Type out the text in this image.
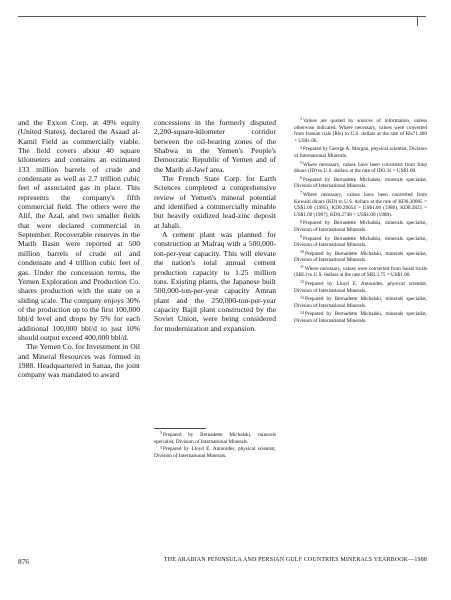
and the Exxon Corp. at 49% equity (United States), declared the Asaad al-Kamil Field as commercially viable. The field covers about 40 square kilometers and contains an estimated 133 million barrels of crude and condensate as well as 2.7 trillion cubic feet of associated gas in place. This represents the company's fifth commercial field. The others were the Alif, the Azal, and two smaller fields that were declared commercial in September. Recoverable reserves in the Marib Basin were reported at 500 million barrels of crude oil and condensate and 4 trillion cubic feet of gas. Under the concession terms, the Yemen Exploration and Production Co. shares production with the state on a sliding scale. The company enjoys 30% of the production up to the first 100,000 bbl/d level and drops by 5% for each additional 100,000 bbl/d to just 10% should output exceed 400,000 bbl/d.

The Yemen Co. for Investment in Oil and Mineral Resources was formed in 1988. Headquartered in Sanaa, the joint company was mandated to award

concessions in the formerly disputed 2,200-square-kilometer corridor between the oil-bearing zones of the Shabwa in the Yemen's People's Democratic Republic of Yemen and of the Marib al-Jawf area.

The French State Corp. for Earth Sciences completed a comprehensive review of Yemen's mineral potential and identified a commercially minable but heavily oxidized lead-zinc deposit at Jabali.

A cement plant was planned for construction at Mafraq with a 500,000-ton-per-year capacity. This will elevate the nation's total annual cement production capacity to 1.25 million tons. Existing plants, the Japanese built 500,000-ton-per-year capacity Amran plant and the 250,000-ton-per-year capacity Bajil plant constructed by the Soviet Union, were being considered for modernization and expansion.

$^5$Prepared by Bernadette Michalski, minerals specialist, Division of International Minerals.
$^3$Prepared by Lloyd E. Antonides, physical scientist, Division of International Minerals.
$^1$Values are quoted by sources of information, unless otherwise indicated. Where necessary, values were converted from Iranian rials (Rls) to U.S. dollars at the rate of Rls71.460 = US$1.00.
$^4$Prepared by George A. Morgan, physical scientist, Division of International Minerals.
$^5$Where necessary, values have been converted from Iraqi dinars (ID) to U.S. dollars at the rate of ID0.31 = US$1.00.
$^6$Prepared by Bernadette Michalski, minerals specialist, Division of International Minerals.
$^7$Where necessary, values have been converted from Kuwaiti dinars (KD) to U.S. dollars at the rate of KD0.30085 = US$1.00 (1985), KD0.29054 = US$1.00 (1986), KD0.2825 = US$1.00 (1987), KD0.2748 = US$1.00 (1988).
$^8$Prepared by Bernadette Michalski, minerals specialist, Division of International Minerals.
$^9$Prepared by Bernadette Michalski, minerals specialist, Division of International Minerals.
$^{10}$Prepared by Bernadette Michalski, minerals specialist, Division of International Minerals.
$^{11}$Where necessary, values were converted from Saudi riyals (SRL) to U.S. dollars at the rate of SRL3.75 = US$1.00.
$^{12}$Prepared by Lloyd E. Antonides, physical scientist, Division of International Minerals.
$^{13}$Prepared by Bernadette Michalski, minerals specialist, Division of International Minerals.
$^{14}$Prepared by Bernadette Michalski, minerals specialist, Division of International Minerals.
876	THE ARABIAN PENINSULA AND PERSIAN GULF COUNTRIES MINERALS YEARBOOK—1988
